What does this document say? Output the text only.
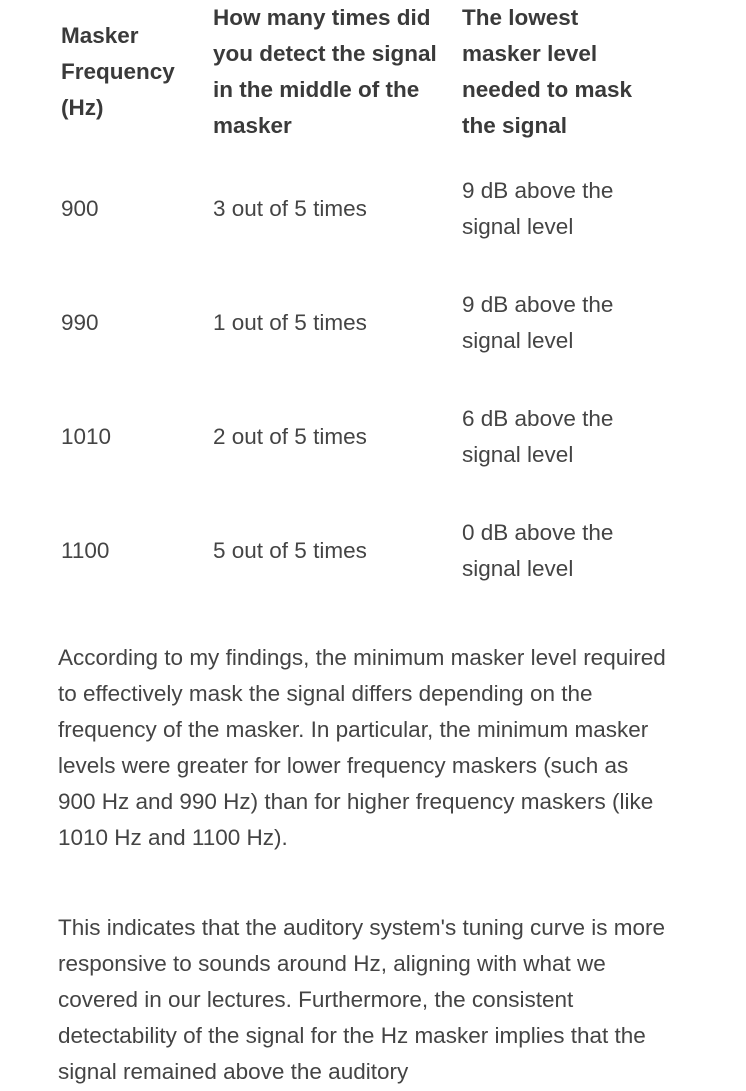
Masker Frequency (Hz)	How many times did you detect the signal in the middle of the masker	The lowest masker level needed to mask the signal
900	3 out of 5 times	9 dB above the signal level
990	1 out of 5 times	9 dB above the signal level
1010	2 out of 5 times	6 dB above the signal level
1100	5 out of 5 times	0 dB above the signal level

According to my findings, the minimum masker level required to effectively mask the signal differs depending on the frequency of the masker. In particular, the minimum masker levels were greater for lower frequency maskers (such as 900 Hz and 990 Hz) than for higher frequency maskers (like 1010 Hz and 1100 Hz).

This indicates that the auditory system's tuning curve is more responsive to sounds around Hz, aligning with what we covered in our lectures. Furthermore, the consistent detectability of the signal for the Hz masker implies that the signal remained above the auditory
